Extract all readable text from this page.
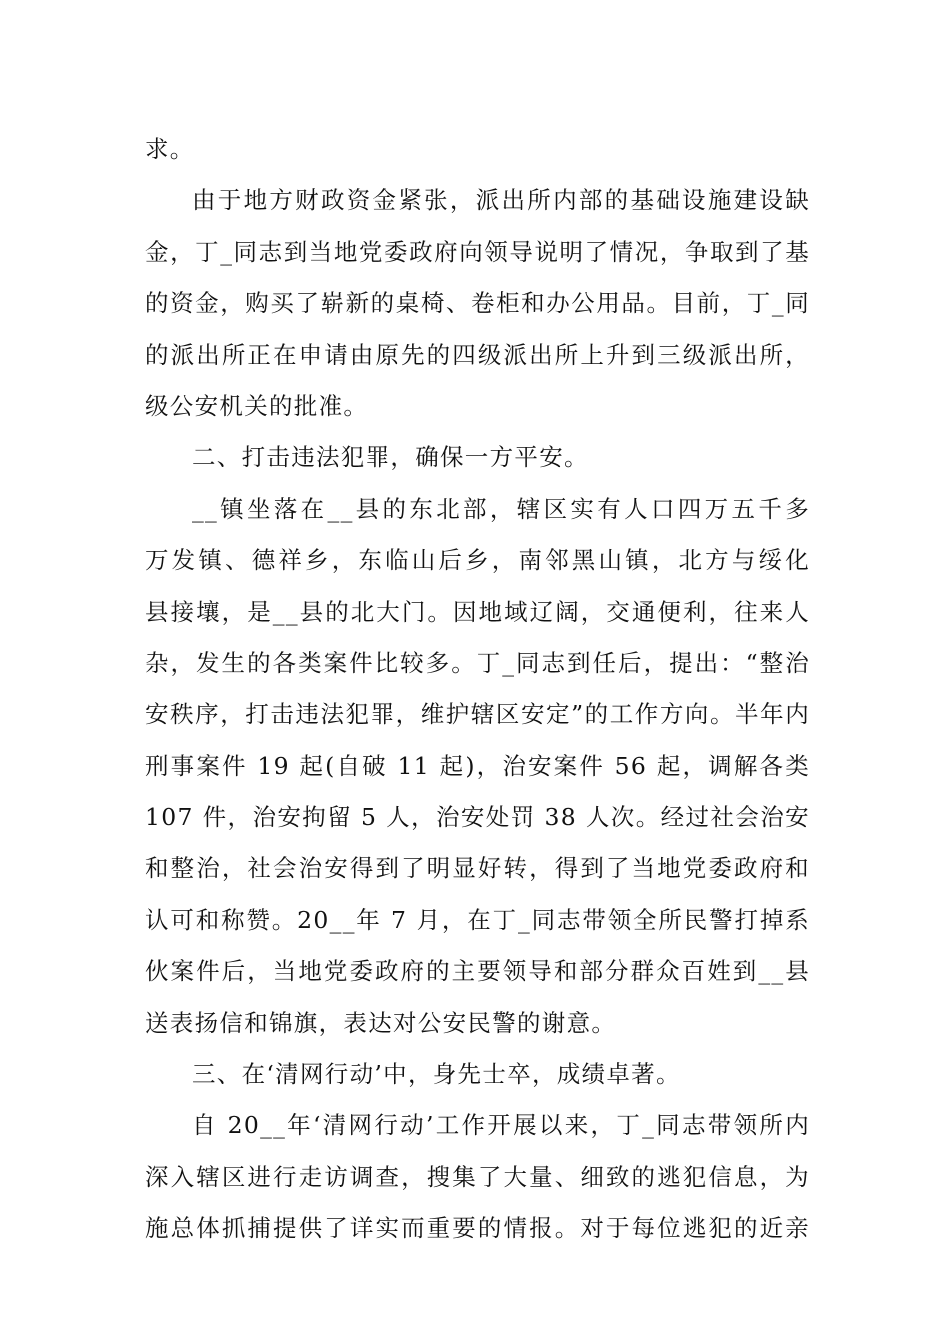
求。
由于地方财政资金紧张，派出所内部的基础设施建设缺
金，丁_同志到当地党委政府向领导说明了情况，争取到了基
的资金，购买了崭新的桌椅、卷柜和办公用品。目前，丁_同
的派出所正在申请由原先的四级派出所上升到三级派出所，
级公安机关的批准。
二、打击违法犯罪，确保一方平安。
__镇坐落在__县的东北部，辖区实有人口四万五千多
万发镇、德祥乡，东临山后乡，南邻黑山镇，北方与绥化
县接壤，是__县的北大门。因地域辽阔，交通便利，往来人
杂，发生的各类案件比较多。丁_同志到任后，提出：“整治
安秩序，打击违法犯罪，维护辖区安定”的工作方向。半年内
刑事案件 19 起(自破 11 起)，治安案件 56 起，调解各类
107 件，治安拘留 5 人，治安处罚 38 人次。经过社会治安
和整治，社会治安得到了明显好转，得到了当地党委政府和
认可和称赞。20__年 7 月，在丁_同志带领全所民警打掉系
伙案件后，当地党委政府的主要领导和部分群众百姓到__县
送表扬信和锦旗，表达对公安民警的谢意。
三、在‘清网行动’中，身先士卒，成绩卓著。
自 20__年‘清网行动’工作开展以来，丁_同志带领所内
深入辖区进行走访调查，搜集了大量、细致的逃犯信息，为
施总体抓捕提供了详实而重要的情报。对于每位逃犯的近亲
